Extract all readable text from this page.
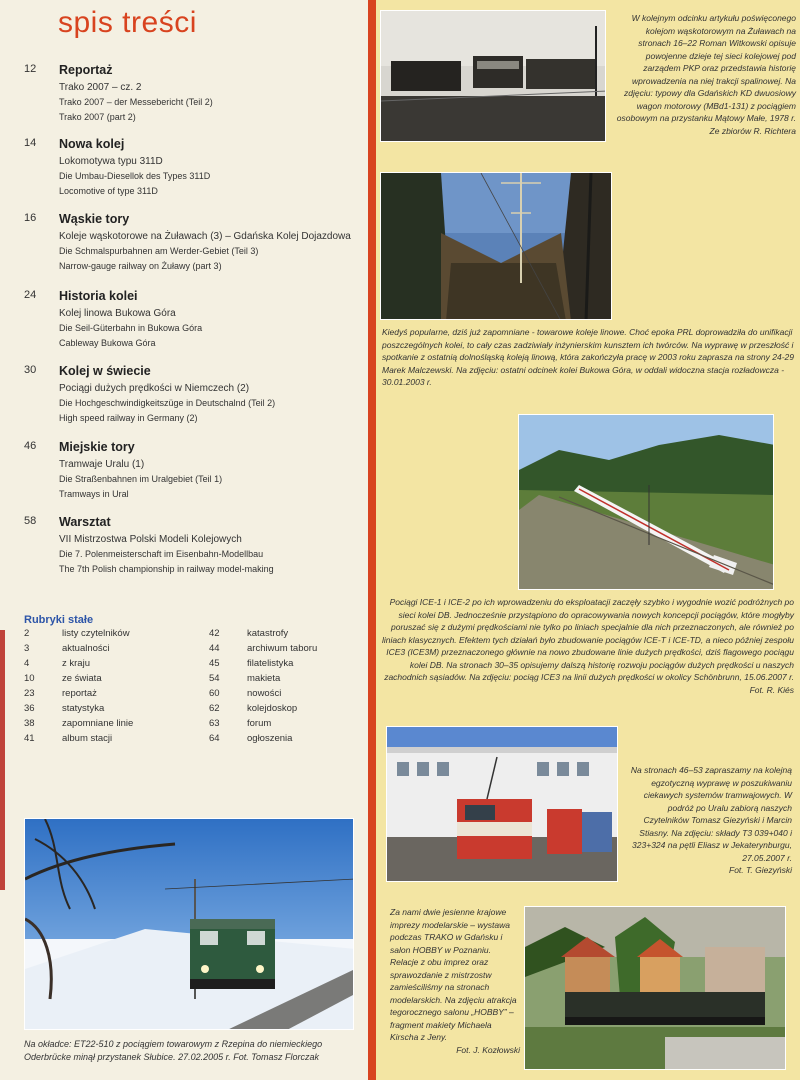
spis treści
12 Reportaż
Trako 2007 – cz. 2
Trako 2007 – der Messebericht (Teil 2)
Trako 2007 (part 2)
14 Nowa kolej
Lokomotywa typu 311D
Die Umbau-Diesellok des Types 311D
Locomotive of type 311D
16 Wąskie tory
Koleje wąskotorowe na Żuławach (3) – Gdańska Kolej Dojazdowa
Die Schmalspurbahnen am Werder-Gebiet (Teil 3)
Narrow-gauge railway on Żuławy (part 3)
24 Historia kolei
Kolej linowa Bukowa Góra
Die Seil-Güterbahn in Bukowa Góra
Cableway Bukowa Góra
30 Kolej w świecie
Pociągi dużych prędkości w Niemczech (2)
Die Hochgeschwindigkeitszüge in Deutschalnd (Teil 2)
High speed railway in Germany (2)
46 Miejskie tory
Tramwaje Uralu (1)
Die Straßenbahnen im Uralgebiet (Teil 1)
Tramways in Ural
58 Warsztat
VII Mistrzostwa Polski Modeli Kolejowych
Die 7. Polenmeisterschaft im Eisenbahn-Modellbau
The 7th Polish championship in railway model-making
Rubryki stałe
2	listy czytelników
3	aktualności
4	z kraju
10	ze świata
23	reportaż
36	statystyka
38	zapomniane linie
41	album stacji
42	katastrofy
44	archiwum taboru
45	filatelistyka
54	makieta
60	nowości
62	kolejdoskop
63	forum
64	ogłoszenia
Na okładce: ET22-510 z pociągiem towarowym z Rzepina do niemieckiego Oderbrücke minął przystanek Słubice. 27.02.2005 r. Fot. Tomasz Florczak
W kolejnym odcinku artykułu poświęconego kolejom wąskotorowym na Żuławach na stronach 16–22 Roman Witkowski opisuje powojenne dzieje tej sieci kolejowej pod zarządem PKP oraz przedstawia historię wprowadzenia na niej trakcji spalinowej. Na zdjęciu: typowy dla Gdańskich KD dwuosiowy wagon motorowy (MBd1-131) z pociągiem osobowym na przystanku Mątowy Małe, 1978 r.
Ze zbiorów R. Richtera
Kiedyś popularne, dziś już zapomniane - towarowe koleje linowe. Choć epoka PRL doprowadziła do unifikacji poszczególnych kolei, to cały czas zadziwiały inżynierskim kunsztem ich twórców. Na wyprawę w przeszłość i spotkanie z ostatnią dolnośląską koleją linową, która zakończyła pracę w 2003 roku zaprasza na strony 24-29 Marek Malczewski. Na zdjęciu: ostatni odcinek kolei Bukowa Góra, w oddali widoczna stacja rozładowcza - 30.01.2003 r.
Pociągi ICE-1 i ICE-2 po ich wprowadzeniu do eksploatacji zaczęły szybko i wygodnie wozić podróżnych po sieci kolei DB. Jednocześnie przystąpiono do opracowywania nowych koncepcji pociągów, które mogłyby poruszać się z dużymi prędkościami nie tylko po liniach specjalnie dla nich przeznaczonych, ale również po liniach klasycznych. Efektem tych działań było zbudowanie pociągów ICE-T i ICE-TD, a nieco później zespołu ICE3 (ICE3M) przeznaczonego głównie na nowo zbudowane linie dużych prędkości, dziś flagowego pociągu kolei DB. Na stronach 30–35 opisujemy dalszą historię rozwoju pociągów dużych prędkości u naszych zachodnich sąsiadów. Na zdjęciu: pociąg ICE3 na linii dużych prędkości w okolicy Schönbrunn, 15.06.2007 r.
Fot. R. Kiés
Na stronach 46–53 zapraszamy na kolejną egzotyczną wyprawę w poszukiwaniu ciekawych systemów tramwajowych. W podróż po Uralu zabiorą naszych Czytelników Tomasz Giezyński i Marcin Stiasny. Na zdjęciu: składy T3 039+040 i 323+324 na pętli Eliasz w Jekaterynburgu, 27.05.2007 r.
Fot. T. Giezyński
Za nami dwie jesienne krajowe imprezy modelarskie – wystawa podczas TRAKO w Gdańsku i salon HOBBY w Poznaniu. Relacje z obu imprez oraz sprawozdanie z mistrzostw zamieściliśmy na stronach modelarskich. Na zdjęciu atrakcja tegorocznego salonu „HOBBY” – fragment makiety Michaela Kirscha z Jeny.
Fot. J. Kozłowski
